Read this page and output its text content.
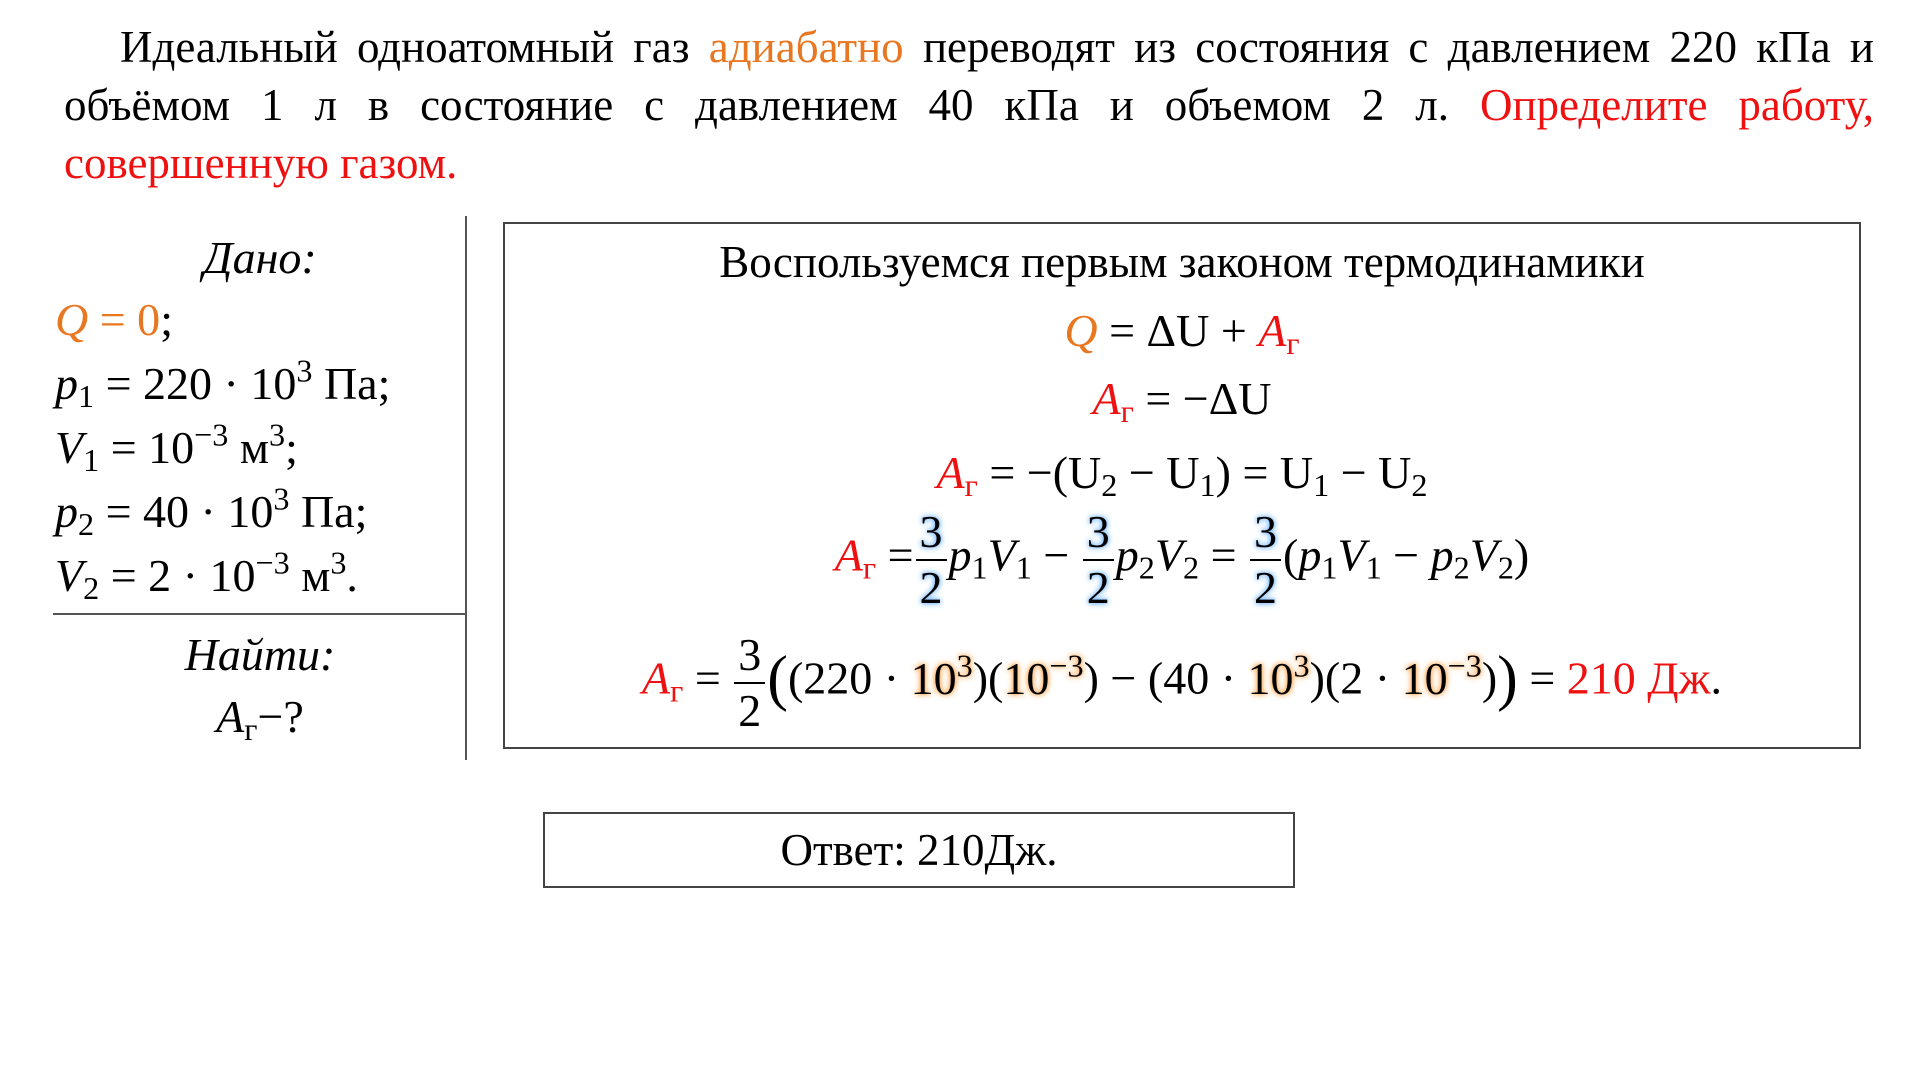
Идеальный одноатомный газ адиабатно переводят из состояния с давлением 220 кПа и объёмом 1 л в состояние с давлением 40 кПа и объемом 2 л. Определите работу, совершенную газом.
Дано:
Q = 0;
$p_1 = 220 \cdot 10^3$ Па;
$V_1 = 10^{-3}$ $м^3$;
$p_2 = 40 \cdot 10^3$ Па;
$V_2 = 2 \cdot 10^{-3}$ $м^3$.
Найти:
$A_г-$?
Воспользуемся первым законом термодинамики
$Q = \Delta U + A_г$
$A_г = -\Delta U$
$A_г = -(U_2 - U_1) = U_1 - U_2$
$A_г = \frac{3}{2} p_1V_1 - \frac{3}{2} p_2V_2 = \frac{3}{2} (p_1V_1 - p_2V_2)$
$A_г = \frac{3}{2} ((220 \cdot 10^3)(10^{-3}) - (40 \cdot 10^3)(2 \cdot 10^{-3})) = 210$ Дж.
Ответ: 210Дж.
